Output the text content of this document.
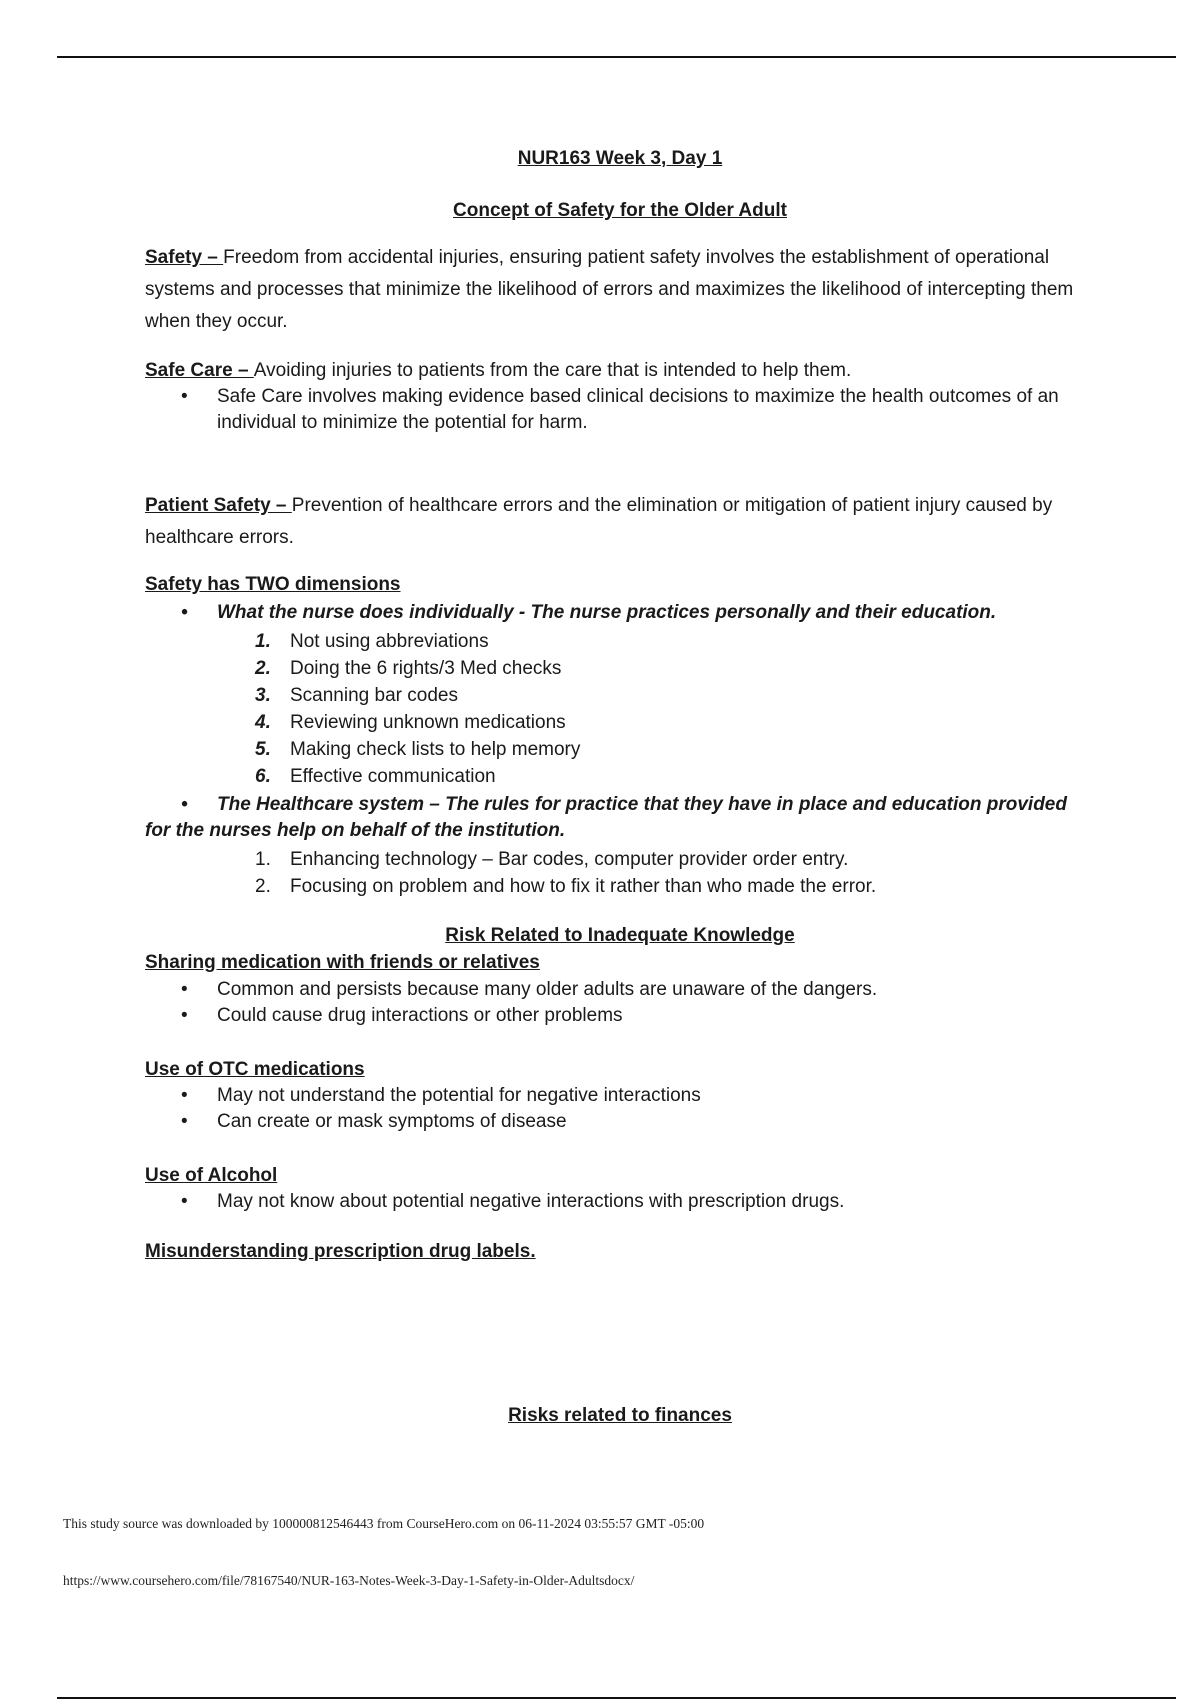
NUR163 Week 3, Day 1

Concept of Safety for the Older Adult

Safety – Freedom from accidental injuries, ensuring patient safety involves the establishment of operational systems and processes that minimize the likelihood of errors and maximizes the likelihood of intercepting them when they occur.

Safe Care – Avoiding injuries to patients from the care that is intended to help them.

• Safe Care involves making evidence based clinical decisions to maximize the health outcomes of an individual to minimize the potential for harm.

Patient Safety – Prevention of healthcare errors and the elimination or mitigation of patient injury caused by healthcare errors.

Safety has TWO dimensions

• What the nurse does individually - The nurse practices personally and their education.
1. Not using abbreviations
2. Doing the 6 rights/3 Med checks
3. Scanning bar codes
4. Reviewing unknown medications
5. Making check lists to help memory
6. Effective communication

• The Healthcare system – The rules for practice that they have in place and education provided for the nurses help on behalf of the institution.

1. Enhancing technology – Bar codes, computer provider order entry.
2. Focusing on problem and how to fix it rather than who made the error.

Risk Related to Inadequate Knowledge

Sharing medication with friends or relatives

• Common and persists because many older adults are unaware of the dangers.
• Could cause drug interactions or other problems

Use of OTC medications

• May not understand the potential for negative interactions
• Can create or mask symptoms of disease

Use of Alcohol

• May not know about potential negative interactions with prescription drugs.

Misunderstanding prescription drug labels.

Risks related to finances

This study source was downloaded by 100000812546443 from CourseHero.com on 06-11-2024 03:55:57 GMT -05:00
https://www.coursehero.com/file/78167540/NUR-163-Notes-Week-3-Day-1-Safety-in-Older-Adultsdocx/
